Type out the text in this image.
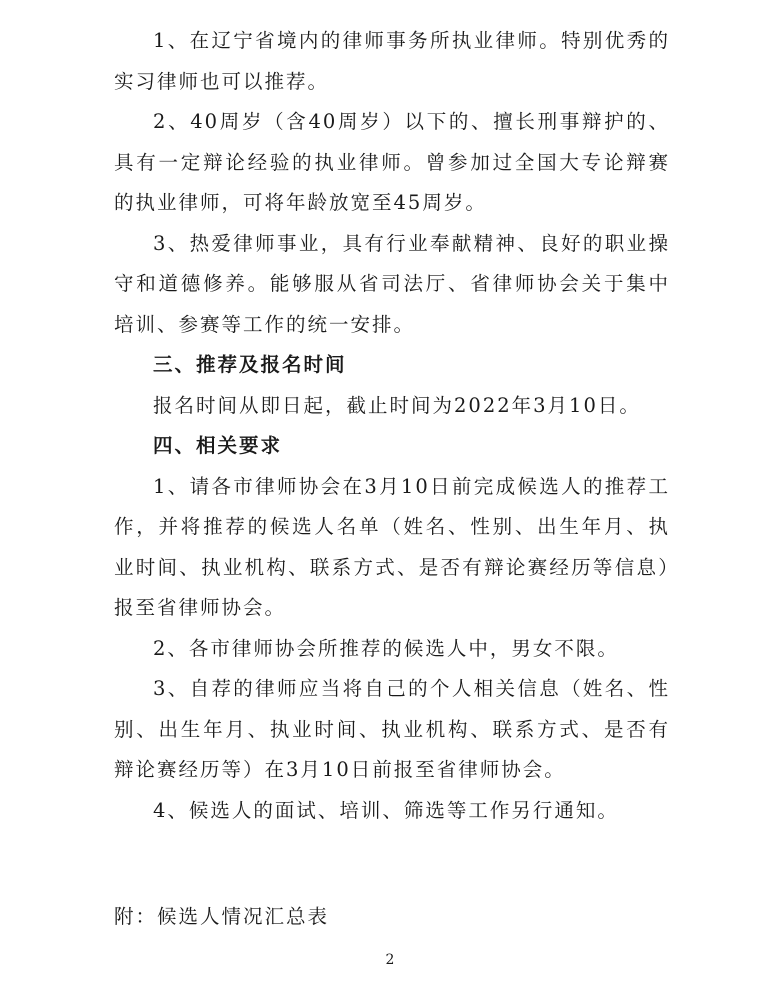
1、在辽宁省境内的律师事务所执业律师。特别优秀的实习律师也可以推荐。

2、40周岁（含40周岁）以下的、擅长刑事辩护的、具有一定辩论经验的执业律师。曾参加过全国大专论辩赛的执业律师，可将年龄放宽至45周岁。

3、热爱律师事业，具有行业奉献精神、良好的职业操守和道德修养。能够服从省司法厅、省律师协会关于集中培训、参赛等工作的统一安排。

三、推荐及报名时间

报名时间从即日起，截止时间为2022年3月10日。

四、相关要求

1、请各市律师协会在3月10日前完成候选人的推荐工作，并将推荐的候选人名单（姓名、性别、出生年月、执业时间、执业机构、联系方式、是否有辩论赛经历等信息）报至省律师协会。

2、各市律师协会所推荐的候选人中，男女不限。

3、自荐的律师应当将自己的个人相关信息（姓名、性别、出生年月、执业时间、执业机构、联系方式、是否有辩论赛经历等）在3月10日前报至省律师协会。

4、候选人的面试、培训、筛选等工作另行通知。

附：候选人情况汇总表

2
